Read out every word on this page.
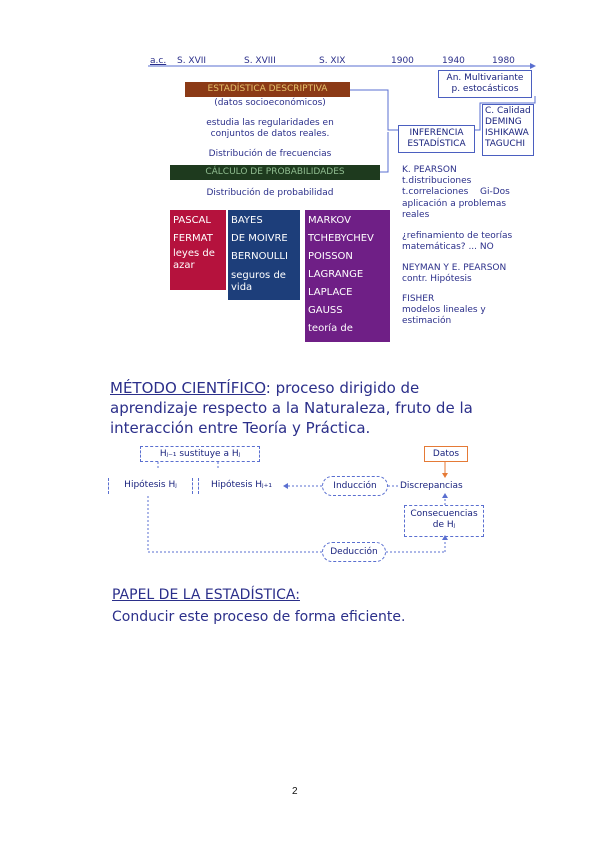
a.c. S. XVII	S. XVIII	S. XIX	1900	1940	1980
ESTADÍSTICA DESCRIPTIVA
(datos socioeconómicos)
estudia las regularidades en
conjuntos de datos reales.
Distribución de frecuencias
CÁLCULO DE PROBABILIDADES
Distribución de probabilidad
An. Multivariante
p. estocásticos
C. Calidad
DEMING
ISHIKAWA
TAGUCHI
INFERENCIA
ESTADÍSTICA
K. PEARSON
t.distribuciones
t.correlaciones Gi-Dos
aplicación a problemas
reales
¿refinamiento de teorías
matemáticas? ... NO
NEYMAN Y E. PEARSON
contr. Hipótesis
FISHER
modelos lineales y
estimación
PASCAL
FERMAT
leyes de
azar
BAYES
DE MOIVRE
BERNOULLI
seguros de
vida
MARKOV
TCHEBYCHEV
POISSON
LAGRANGE
LAPLACE
GAUSS
teoría de errores
MÉTODO CIENTÍFICO: proceso dirigido de
aprendizaje respecto a la Naturaleza, fruto de la
interacción entre Teoría y Práctica.
Hⱼ₋₁ sustituye a Hⱼ
Hipótesis Hⱼ	Hipótesis Hⱼ₊₁	Inducción
Datos
Discrepancias
Consecuencias
de Hⱼ
Deducción
PAPEL DE LA ESTADÍSTICA:
Conducir este proceso de forma eficiente.
2
